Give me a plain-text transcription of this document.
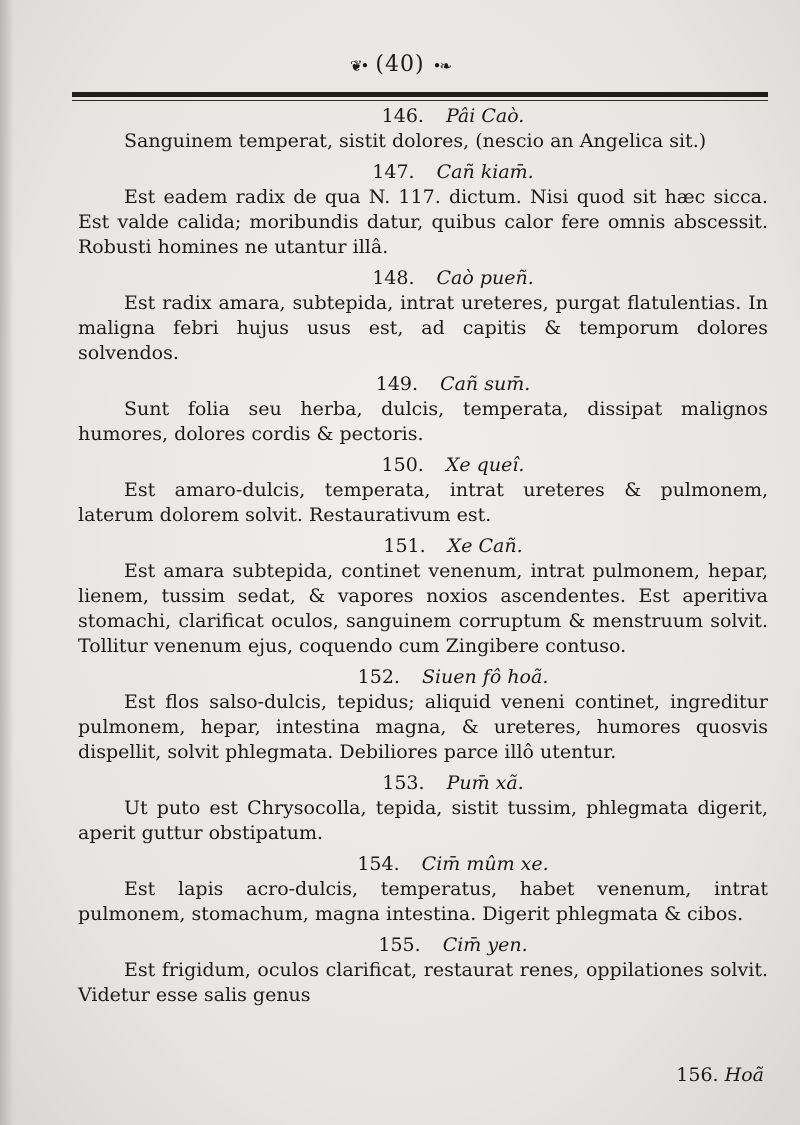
❦• (40) •❧

146. Pâi Caò.

Sanguinem temperat, sistit dolores, (nescio an Angelica sit.)

147. Cañ kiam̄.

Est eadem radix de qua N. 117. dictum. Nisi quod sit hæc sicca. Est valde calida; moribundis datur, quibus calor fere omnis abscessit. Robusti homines ne utantur illâ.

148. Caò pueñ.

Est radix amara, subtepida, intrat ureteres, purgat flatulentias. In maligna febri hujus usus est, ad capitis & temporum dolores solvendos.

149. Cañ sum̄.

Sunt folia seu herba, dulcis, temperata, dissipat malignos humores, dolores cordis & pectoris.

150. Xe queî.

Est amaro-dulcis, temperata, intrat ureteres & pulmonem, laterum dolorem solvit. Restaurativum est.

151. Xe Cañ.

Est amara subtepida, continet venenum, intrat pulmonem, hepar, lienem, tussim sedat, & vapores noxios ascendentes. Est aperitiva stomachi, clarificat oculos, sanguinem corruptum & menstruum solvit. Tollitur venenum ejus, coquendo cum Zingibere contuso.

152. Siuen fô hoã.

Est flos salso-dulcis, tepidus; aliquid veneni continet, ingreditur pulmonem, hepar, intestina magna, & ureteres, humores quosvis dispellit, solvit phlegmata. Debiliores parce illô utentur.

153. Pum̄ xã.

Ut puto est Chrysocolla, tepida, sistit tussim, phlegmata digerit, aperit guttur obstipatum.

154. Cim̄ mûm xe.

Est lapis acro-dulcis, temperatus, habet venenum, intrat pulmonem, stomachum, magna intestina. Digerit phlegmata & cibos.

155. Cim̄ yen.

Est frigidum, oculos clarificat, restaurat renes, oppilationes solvit. Videtur esse salis genus

156. Hoã
